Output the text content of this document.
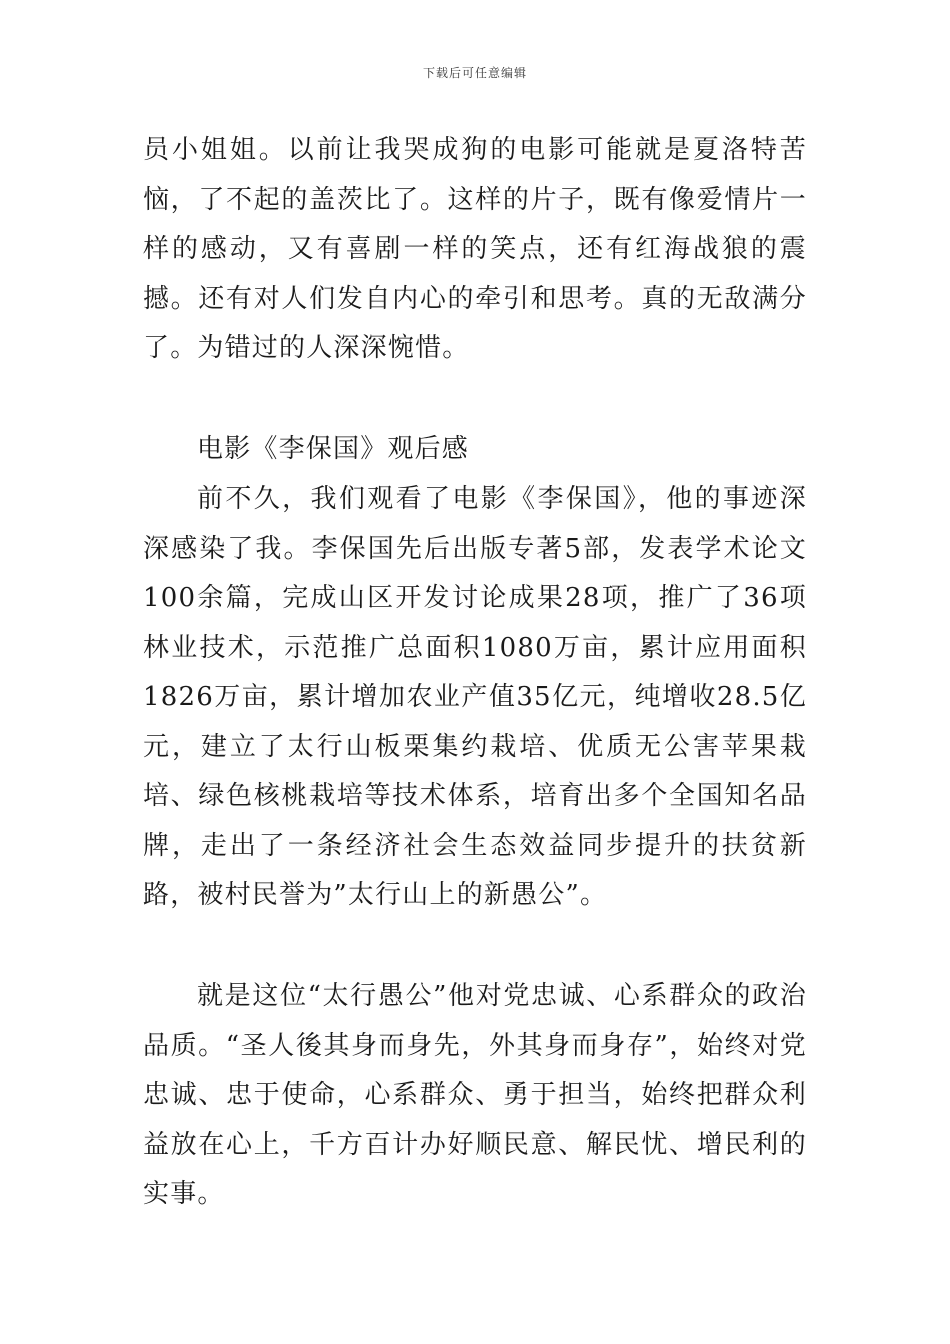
下载后可任意编辑

员小姐姐。以前让我哭成狗的电影可能就是夏洛特苦恼，了不起的盖茨比了。这样的片子，既有像爱情片一样的感动，又有喜剧一样的笑点，还有红海战狼的震撼。还有对人们发自内心的牵引和思考。真的无敌满分了。为错过的人深深惋惜。

电影《李保国》观后感

前不久，我们观看了电影《李保国》，他的事迹深深感染了我。李保国先后出版专著5部，发表学术论文100余篇，完成山区开发讨论成果28项，推广了36项林业技术，示范推广总面积1080万亩，累计应用面积1826万亩，累计增加农业产值35亿元，纯增收28.5亿元，建立了太行山板栗集约栽培、优质无公害苹果栽培、绿色核桃栽培等技术体系，培育出多个全国知名品牌，走出了一条经济社会生态效益同步提升的扶贫新路，被村民誉为”太行山上的新愚公”。

就是这位“太行愚公”他对党忠诚、心系群众的政治品质。“圣人後其身而身先，外其身而身存”，始终对党忠诚、忠于使命，心系群众、勇于担当，始终把群众利益放在心上，千方百计办好顺民意、解民忧、增民利的实事。
